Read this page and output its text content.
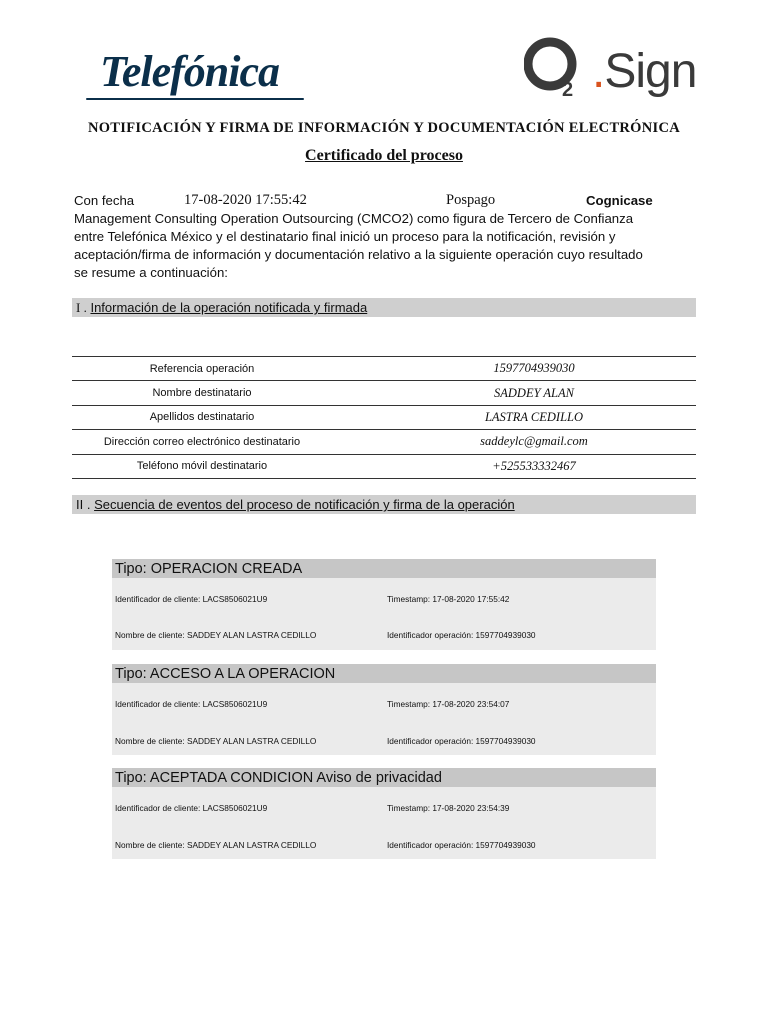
Telefónica	2 .Sign
NOTIFICACIÓN Y FIRMA DE INFORMACIÓN Y DOCUMENTACIÓN ELECTRÓNICA
Certificado del proceso
Con fecha	17-08-2020 17:55:42	Pospago	Cognicase
Management Consulting Operation Outsourcing (CMCO2) como figura de Tercero de Confianza
entre Telefónica México y el destinatario final inició un proceso para la notificación, revisión y
aceptación/firma de información y documentación relativo a la siguiente operación cuyo resultado
se resume a continuación:
I . Información de la operación notificada y firmada
Referencia operación	1597704939030
Nombre destinatario	SADDEY ALAN
Apellidos destinatario	LASTRA CEDILLO
Dirección correo electrónico destinatario	saddeylc@gmail.com
Teléfono móvil destinatario	+525533332467
II . Secuencia de eventos del proceso de notificación y firma de la operación
Tipo: OPERACION CREADA
Identificador de cliente: LACS8506021U9	Timestamp: 17-08-2020 17:55:42
Nombre de cliente: SADDEY ALAN LASTRA CEDILLO	Identificador operación: 1597704939030
Tipo: ACCESO A LA OPERACION
Identificador de cliente: LACS8506021U9	Timestamp: 17-08-2020 23:54:07
Nombre de cliente: SADDEY ALAN LASTRA CEDILLO	Identificador operación: 1597704939030
Tipo: ACEPTADA CONDICION Aviso de privacidad
Identificador de cliente: LACS8506021U9	Timestamp: 17-08-2020 23:54:39
Nombre de cliente: SADDEY ALAN LASTRA CEDILLO	Identificador operación: 1597704939030
